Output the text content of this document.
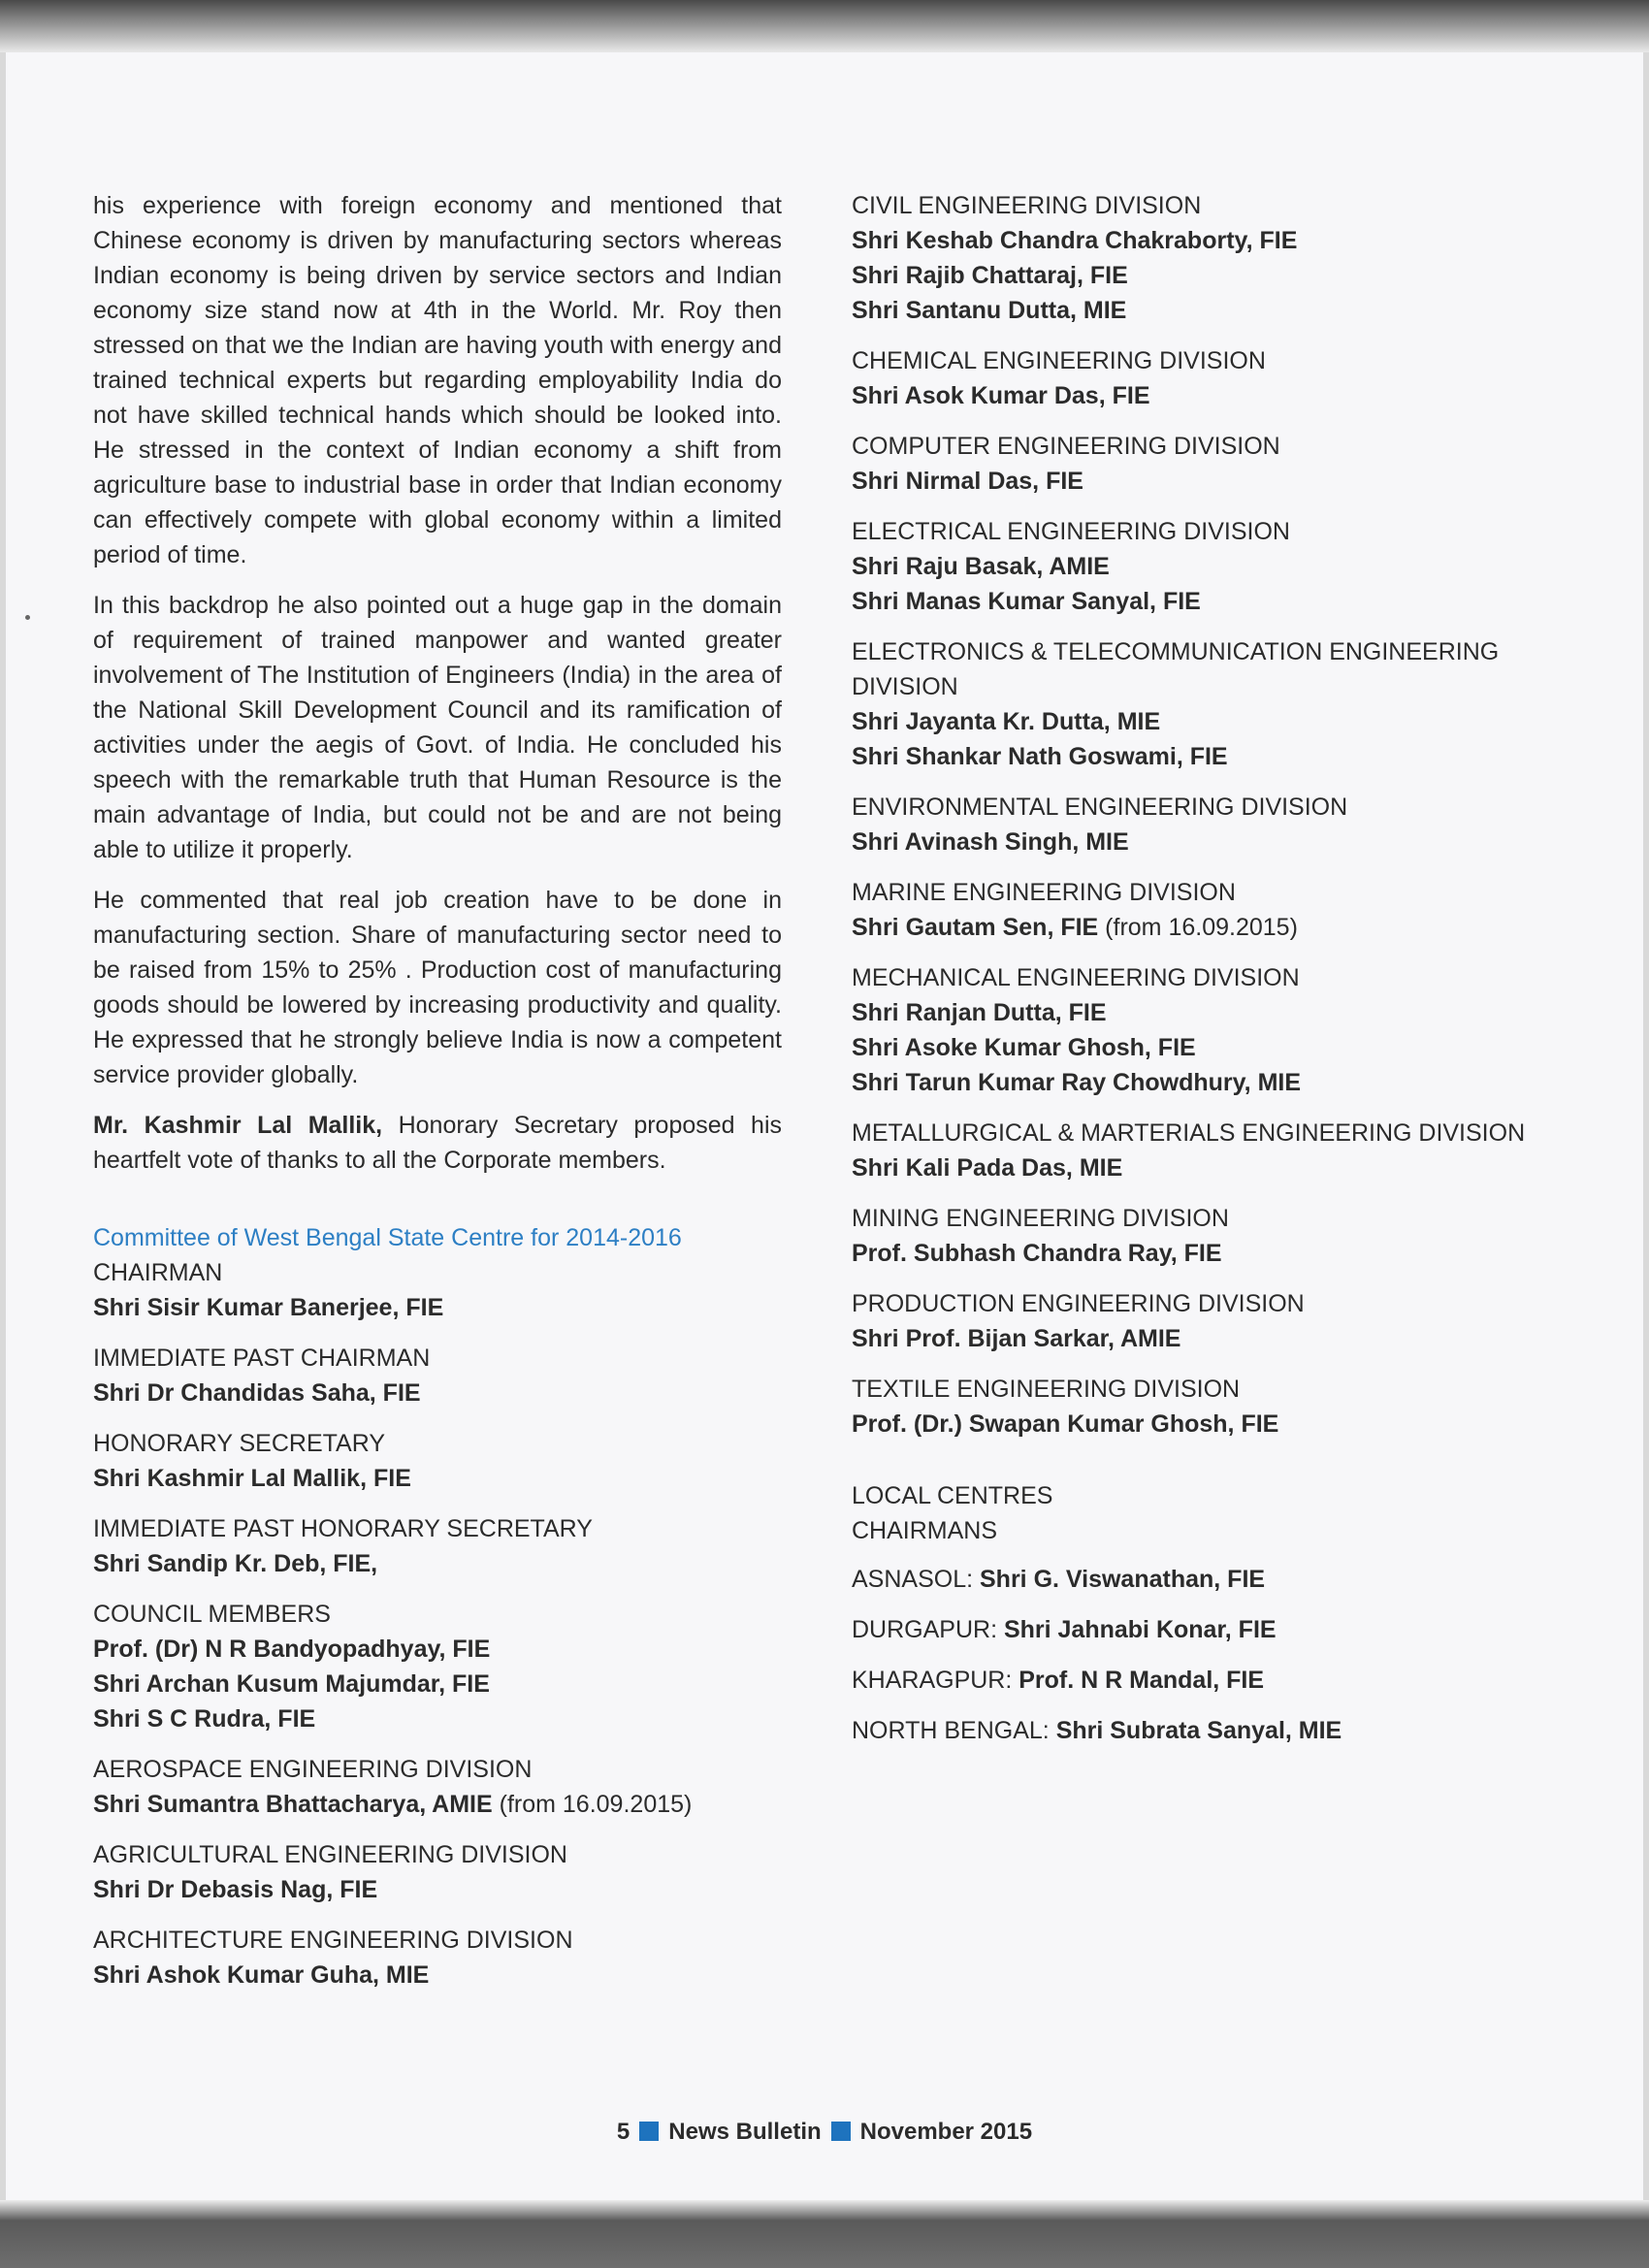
his experience with foreign economy and mentioned that Chinese economy is driven by manufacturing sectors whereas Indian economy is being driven by service sectors and Indian economy size stand now at 4th in the World. Mr. Roy then stressed on that we the Indian are having youth with energy and trained technical experts but regarding employability India do not have skilled technical hands which should be looked into. He stressed in the context of Indian economy a shift from agriculture base to industrial base in order that Indian economy can effectively compete with global economy within a limited period of time.

In this backdrop he also pointed out a huge gap in the domain of requirement of trained manpower and wanted greater involvement of The Institution of Engineers (India) in the area of the National Skill Development Council and its ramification of activities under the aegis of Govt. of India. He concluded his speech with the remarkable truth that Human Resource is the main advantage of India, but could not be and are not being able to utilize it properly.

He commented that real job creation have to be done in manufacturing section. Share of manufacturing sector need to be raised from 15% to 25% . Production cost of manufacturing goods should be lowered by increasing productivity and quality. He expressed that he strongly believe India is now a competent service provider globally.

Mr. Kashmir Lal Mallik, Honorary Secretary proposed his heartfelt vote of thanks to all the Corporate members.

Committee of West Bengal State Centre for 2014-2016
CHAIRMAN
Shri Sisir Kumar Banerjee, FIE
IMMEDIATE PAST CHAIRMAN
Shri Dr Chandidas Saha, FIE
HONORARY SECRETARY
Shri Kashmir Lal Mallik, FIE
IMMEDIATE PAST HONORARY SECRETARY
Shri Sandip Kr. Deb, FIE,
COUNCIL MEMBERS
Prof. (Dr) N R Bandyopadhyay, FIE
Shri Archan Kusum Majumdar, FIE
Shri S C Rudra, FIE
AEROSPACE ENGINEERING DIVISION
Shri Sumantra Bhattacharya, AMIE (from 16.09.2015)
AGRICULTURAL ENGINEERING DIVISION
Shri Dr Debasis Nag, FIE
ARCHITECTURE ENGINEERING DIVISION
Shri Ashok Kumar Guha, MIE
CIVIL ENGINEERING DIVISION
Shri Keshab Chandra Chakraborty, FIE
Shri Rajib Chattaraj, FIE
Shri Santanu Dutta, MIE
CHEMICAL ENGINEERING DIVISION
Shri Asok Kumar Das, FIE
COMPUTER ENGINEERING DIVISION
Shri Nirmal Das, FIE
ELECTRICAL ENGINEERING DIVISION
Shri Raju Basak, AMIE
Shri Manas Kumar Sanyal, FIE
ELECTRONICS & TELECOMMUNICATION ENGINEERING DIVISION
Shri Jayanta Kr. Dutta, MIE
Shri Shankar Nath Goswami, FIE
ENVIRONMENTAL ENGINEERING DIVISION
Shri Avinash Singh, MIE
MARINE ENGINEERING DIVISION
Shri Gautam Sen, FIE (from 16.09.2015)
MECHANICAL ENGINEERING DIVISION
Shri Ranjan Dutta, FIE
Shri Asoke Kumar Ghosh, FIE
Shri Tarun Kumar Ray Chowdhury, MIE
METALLURGICAL & MARTERIALS ENGINEERING DIVISION
Shri Kali Pada Das, MIE
MINING ENGINEERING DIVISION
Prof. Subhash Chandra Ray, FIE
PRODUCTION ENGINEERING DIVISION
Shri Prof. Bijan Sarkar, AMIE
TEXTILE ENGINEERING DIVISION
Prof. (Dr.) Swapan Kumar Ghosh, FIE
LOCAL CENTRES
CHAIRMANS
ASNASOL: Shri G. Viswanathan, FIE
DURGAPUR: Shri Jahnabi Konar, FIE
KHARAGPUR: Prof. N R Mandal, FIE
NORTH BENGAL: Shri Subrata Sanyal, MIE
5 News Bulletin November 2015
